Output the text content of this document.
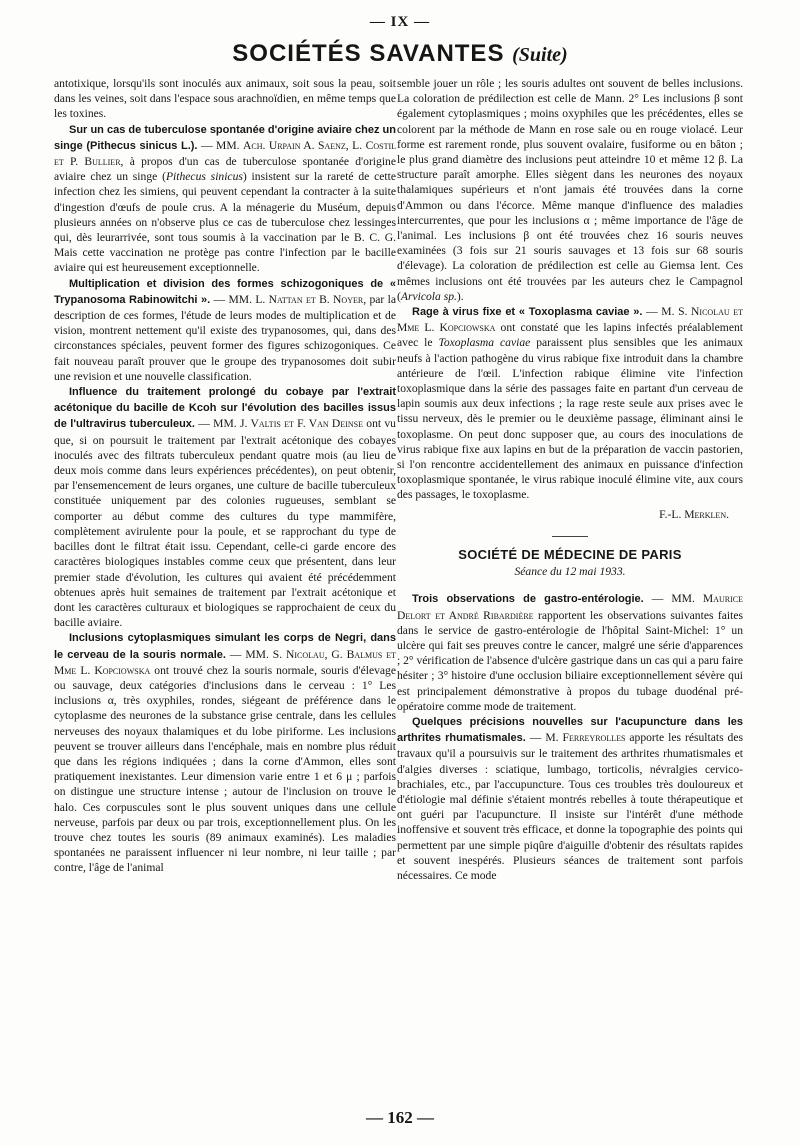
— IX —
SOCIÉTÉS SAVANTES (Suite)

antotixique, lorsqu'ils sont inoculés aux animaux, soit sous la peau, soit dans les veines, soit dans l'espace sous arachnoïdien, en même temps que les toxines.

Sur un cas de tuberculose spontanée d'origine aviaire chez un singe (Pithecus sinicus L.). — MM. Ach. Urpain A. Saenz, L. Costil et P. Bullier, à propos d'un cas de tuberculose spontanée d'origine aviaire chez un singe (Pithecus sinicus) insistent sur la rareté de cette infection chez les simiens, qui peuvent cependant la contracter à la suite d'ingestion d'œufs de poule crus. A la ménagerie du Muséum, depuis plusieurs années on n'observe plus ce cas de tuberculose chez lessinges qui, dès leurarrivée, sont tous soumis à la vaccination par le B. C. G. Mais cette vaccination ne protège pas contre l'infection par le bacille aviaire qui est heureusement exceptionnelle.

Multiplication et division des formes schizogoniques de « Trypanosoma Rabinowitchi ». — MM. L. Nattan et B. Noyer, par la description de ces formes, l'étude de leurs modes de multiplication et de vision, montrent nettement qu'il existe des trypanosomes, qui, dans des circonstances spéciales, peuvent former des figures schizogoniques. Ce fait nouveau paraît prouver que le groupe des trypanosomes doit subir une revision et une nouvelle classification.

Influence du traitement prolongé du cobaye par l'extrait acétonique du bacille de Kcoh sur l'évolution des bacilles issus de l'ultravirus tuberculeux. — MM. J. Valtis et F. Van Deinse ont vu que, si on poursuit le traitement par l'extrait acétonique des cobayes inoculés avec des filtrats tuberculeux pendant quatre mois (au lieu de deux mois comme dans leurs expériences précédentes), on peut obtenir, par l'ensemencement de leurs organes, une culture de bacille tuberculeux constituée uniquement par des colonies rugueuses, semblant se comporter au début comme des cultures du type mammifère, complètement avirulente pour la poule, et se rapprochant du type de bacilles dont le filtrat était issu. Cependant, celle-ci garde encore des caractères biologiques instables comme ceux que présentent, dans leur premier stade d'évolution, les cultures qui avaient été précédemment obtenues après huit semaines de traitement par l'extrait acétonique et dont les caractères culturaux et biologiques se rapprochaient de ceux du bacille aviaire.

Inclusions cytoplasmiques simulant les corps de Negri, dans le cerveau de la souris normale. — MM. S. Nicolau, G. Balmus et Mme L. Kopciowska ont trouvé chez la souris normale, souris d'élevage ou sauvage, deux catégories d'inclusions dans le cerveau : 1° Les inclusions α, très oxyphiles, rondes, siégeant de préférence dans le cytoplasme des neurones de la substance grise centrale, dans les cellules nerveuses des noyaux thalamiques et du lobe piriforme. Les inclusions peuvent se trouver ailleurs dans l'encéphale, mais en nombre plus réduit que dans les régions indiquées ; dans la corne d'Ammon, elles sont pratiquement inexistantes. Leur dimension varie entre 1 et 6 μ ; parfois on distingue une structure intense ; autour de l'inclusion on trouve le halo. Ces corpuscules sont le plus souvent uniques dans une cellule nerveuse, parfois par deux ou par trois, exceptionnellement plus. On les trouve chez toutes les souris (89 animaux examinés). Les maladies spontanées ne paraissent influencer ni leur nombre, ni leur taille ; par contre, l'âge de l'animal

semble jouer un rôle ; les souris adultes ont souvent de belles inclusions. La coloration de prédilection est celle de Mann. 2° Les inclusions β sont également cytoplasmiques ; moins oxyphiles que les précédentes, elles se colorent par la méthode de Mann en rose sale ou en rouge violacé. Leur forme est rarement ronde, plus souvent ovalaire, fusiforme ou en bâton ; le plus grand diamètre des inclusions peut atteindre 10 et même 12 β. La structure paraît amorphe. Elles siègent dans les neurones des noyaux thalamiques supérieurs et n'ont jamais été trouvées dans la corne d'Ammon ou dans l'écorce. Même manque d'influence des maladies intercurrentes, que pour les inclusions α ; même importance de l'âge de l'animal. Les inclusions β ont été trouvées chez 16 souris neuves examinées (3 fois sur 21 souris sauvages et 13 fois sur 68 souris d'élevage). La coloration de prédilection est celle au Giemsa lent. Ces mêmes inclusions ont été trouvées par les auteurs chez le Campagnol (Arvicola sp.).

Rage à virus fixe et « Toxoplasma caviae ». — M. S. Nicolau et Mme L. Kopciowska ont constaté que les lapins infectés préalablement avec le Toxoplasma caviae paraissent plus sensibles que les animaux neufs à l'action pathogène du virus rabique fixe introduit dans la chambre antérieure de l'œil. L'infection rabique élimine vite l'infection toxoplasmique dans la série des passages faite en partant d'un cerveau de lapin soumis aux deux infections ; la rage reste seule aux prises avec le tissu nerveux, dès le premier ou le deuxième passage, éliminant ainsi le toxoplasme. On peut donc supposer que, au cours des inoculations de virus rabique fixe aux lapins en but de la préparation de vaccin pastorien, si l'on rencontre accidentellement des animaux en puissance d'infection toxoplasmique spontanée, le virus rabique inoculé élimine vite, aux cours des passages, le toxoplasme.

F.-L. Merklen.

SOCIÉTÉ DE MÉDECINE DE PARIS

Séance du 12 mai 1933.

Trois observations de gastro-entérologie. — MM. Maurice Delort et André Ribardière rapportent les observations suivantes faites dans le service de gastro-entérologie de l'hôpital Saint-Michel: 1° un ulcère qui fait ses preuves contre le cancer, malgré une série d'apparences ; 2° vérification de l'absence d'ulcère gastrique dans un cas qui a paru faire hésiter ; 3° histoire d'une occlusion biliaire exceptionnellement sévère qui est principalement démonstrative à propos du tubage duodénal pré-opératoire comme mode de traitement.

Quelques précisions nouvelles sur l'acupuncture dans les arthrites rhumatismales. — M. Ferreyrolles apporte les résultats des travaux qu'il a poursuivis sur le traitement des arthrites rhumatismales et d'algies diverses : sciatique, lumbago, torticolis, névralgies cervico-brachiales, etc., par l'accupuncture. Tous ces troubles très douloureux et d'étiologie mal définie s'étaient montrés rebelles à toute thérapeutique et ont guéri par l'acupuncture. Il insiste sur l'intérêt d'une méthode inoffensive et souvent très efficace, et donne la topographie des points qui permettent par une simple piqûre d'aiguille d'obtenir des résultats rapides et souvent inespérés. Plusieurs séances de traitement sont parfois nécessaires. Ce mode

— 162 —
